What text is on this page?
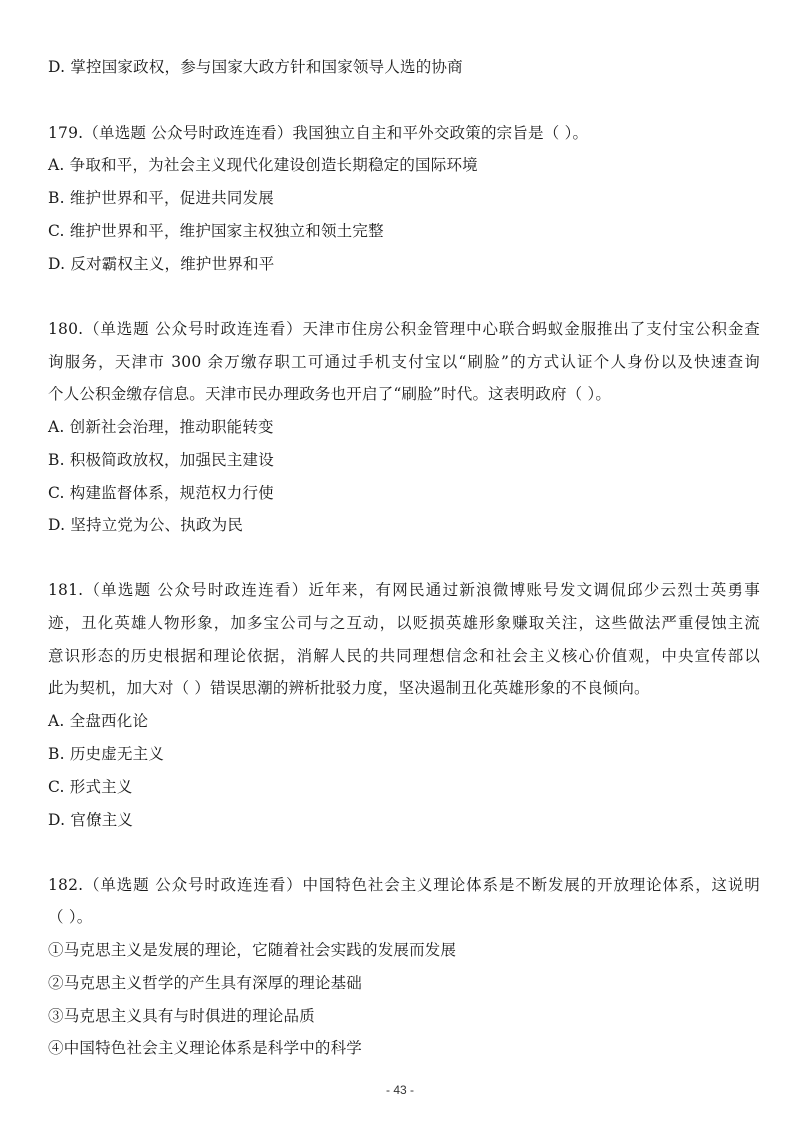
D. 掌控国家政权，参与国家大政方针和国家领导人选的协商
179.（单选题 公众号时政连连看）我国独立自主和平外交政策的宗旨是（ ）。
A. 争取和平，为社会主义现代化建设创造长期稳定的国际环境
B. 维护世界和平，促进共同发展
C. 维护世界和平，维护国家主权独立和领土完整
D. 反对霸权主义，维护世界和平
180.（单选题 公众号时政连连看）天津市住房公积金管理中心联合蚂蚁金服推出了支付宝公积金查
询服务，天津市 300 余万缴存职工可通过手机支付宝以“刷脸”的方式认证个人身份以及快速查询
个人公积金缴存信息。天津市民办理政务也开启了“刷脸”时代。这表明政府（ ）。
A. 创新社会治理，推动职能转变
B. 积极简政放权，加强民主建设
C. 构建监督体系，规范权力行使
D. 坚持立党为公、执政为民
181.（单选题 公众号时政连连看）近年来，有网民通过新浪微博账号发文调侃邱少云烈士英勇事
迹，丑化英雄人物形象，加多宝公司与之互动，以贬损英雄形象赚取关注，这些做法严重侵蚀主流
意识形态的历史根据和理论依据，消解人民的共同理想信念和社会主义核心价值观，中央宣传部以
此为契机，加大对（ ）错误思潮的辨析批驳力度，坚决遏制丑化英雄形象的不良倾向。
A. 全盘西化论
B. 历史虚无主义
C. 形式主义
D. 官僚主义
182.（单选题 公众号时政连连看）中国特色社会主义理论体系是不断发展的开放理论体系，这说明
（ ）。
①马克思主义是发展的理论，它随着社会实践的发展而发展
②马克思主义哲学的产生具有深厚的理论基础
③马克思主义具有与时俱进的理论品质
④中国特色社会主义理论体系是科学中的科学
- 43 -
